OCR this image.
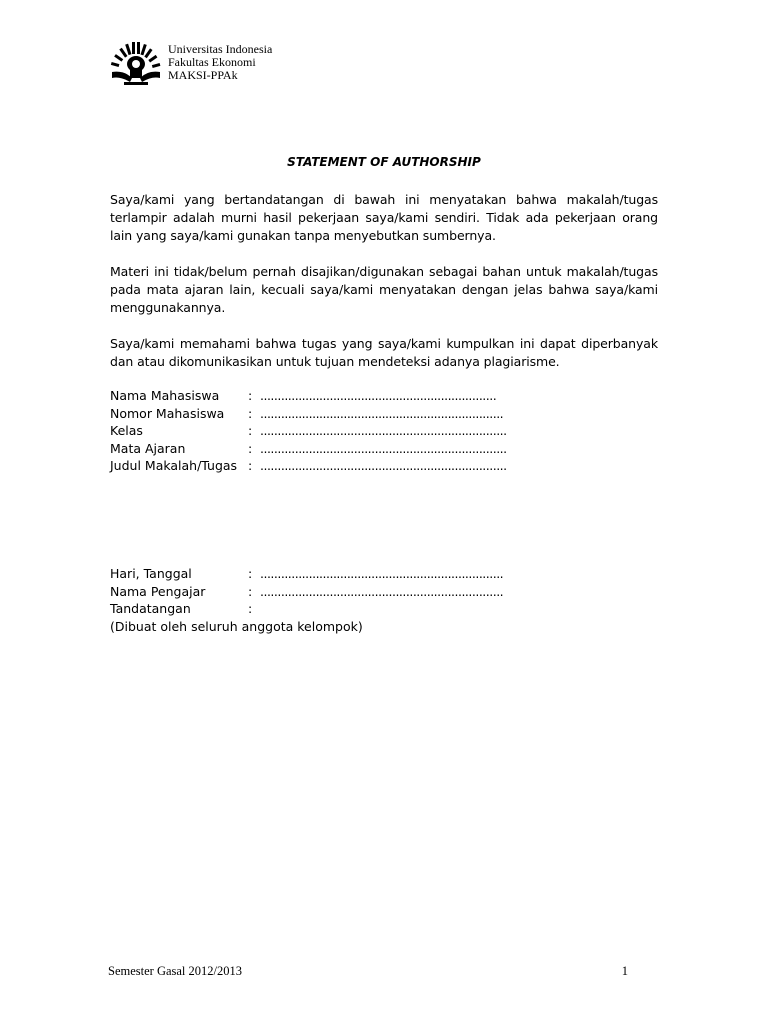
Universitas Indonesia
Fakultas Ekonomi
MAKSI-PPAk
STATEMENT OF AUTHORSHIP
Saya/kami yang bertandatangan di bawah ini menyatakan bahwa makalah/tugas terlampir adalah murni hasil pekerjaan saya/kami sendiri. Tidak ada pekerjaan orang lain yang saya/kami gunakan tanpa menyebutkan sumbernya.
Materi ini tidak/belum pernah disajikan/digunakan sebagai bahan untuk makalah/tugas pada mata ajaran lain, kecuali saya/kami menyatakan dengan jelas bahwa saya/kami menggunakannya.
Saya/kami memahami bahwa tugas yang saya/kami kumpulkan ini dapat diperbanyak dan atau dikomunikasikan untuk tujuan mendeteksi adanya plagiarisme.
Nama Mahasiswa	: ....................................................................
Nomor Mahasiswa	: ......................................................................
Kelas	: .......................................................................
Mata Ajaran	: .......................................................................
Judul Makalah/Tugas : .......................................................................
Hari, Tanggal	: ......................................................................
Nama Pengajar	: ......................................................................
Tandatangan	:
(Dibuat oleh seluruh anggota kelompok)
Semester Gasal 2012/2013	1
